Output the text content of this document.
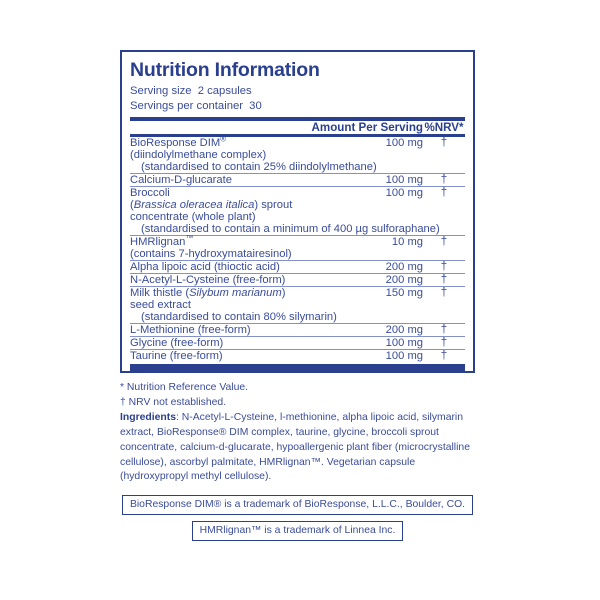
Nutrition Information
Serving size 2 capsules
Servings per container 30
	Amount Per Serving	%NRV*
BioResponse DIM®	100 mg	†
(diindolylmethane complex)		

(standardised to contain 25% diindolylmethane)		

Calcium-D-glucarate	100 mg	†

Broccoli	100 mg	†
(Brassica oleracea italica) sprout		
concentrate (whole plant)		

(standardised to contain a minimum of 400 µg sulforaphane)		

HMRlignan™	10 mg	†
(contains 7-hydroxymatairesinol)		

Alpha lipoic acid (thioctic acid)	200 mg	†

N-Acetyl-L-Cysteine (free-form)	200 mg	†

Milk thistle (Silybum marianum)	150 mg	†
seed extract		

(standardised to contain 80% silymarin)		

L-Methionine (free-form)	200 mg	†

Glycine (free-form)	100 mg	†

Taurine (free-form)	100 mg	†

* Nutrition Reference Value.
† NRV not established.
Ingredients: N-Acetyl-L-Cysteine, l-methionine, alpha lipoic acid, silymarin extract, BioResponse® DIM complex, taurine, glycine, broccoli sprout concentrate, calcium-d-glucarate, hypoallergenic plant fiber (microcrystalline cellulose), ascorbyl palmitate, HMRlignan™. Vegetarian capsule (hydroxypropyl methyl cellulose).
BioResponse DIM® is a trademark of BioResponse, L.L.C., Boulder, CO.
HMRlignan™ is a trademark of Linnea Inc.
